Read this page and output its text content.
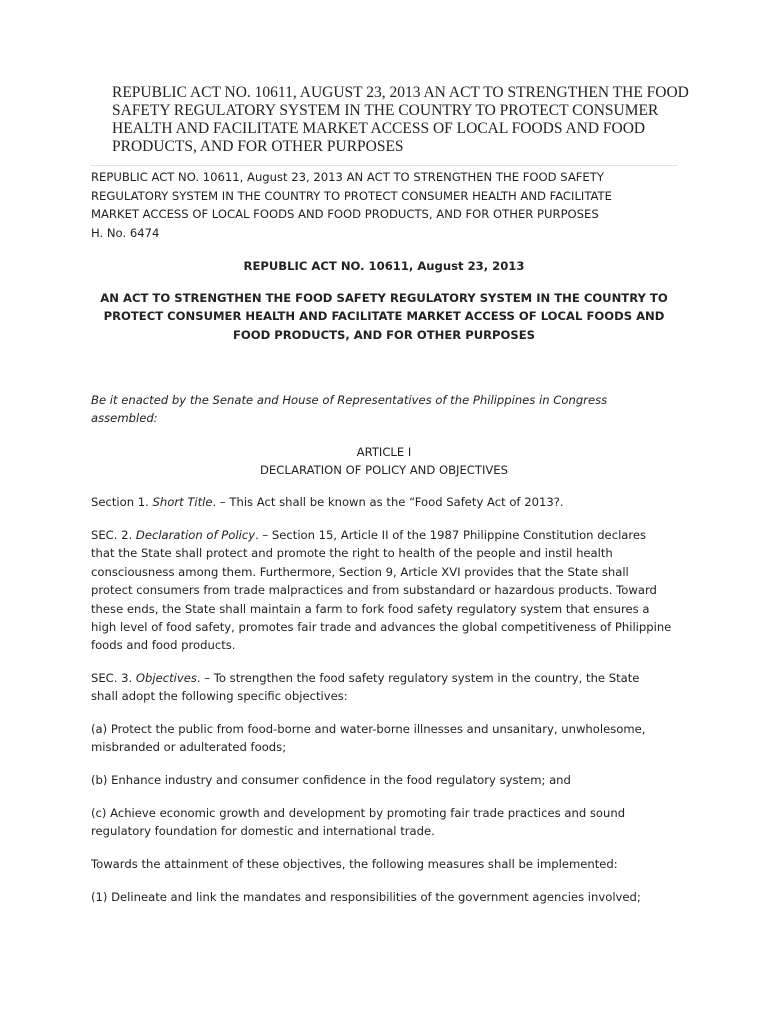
REPUBLIC ACT NO. 10611, AUGUST 23, 2013 AN ACT TO STRENGTHEN THE FOOD
SAFETY REGULATORY SYSTEM IN THE COUNTRY TO PROTECT CONSUMER
HEALTH AND FACILITATE MARKET ACCESS OF LOCAL FOODS AND FOOD
PRODUCTS, AND FOR OTHER PURPOSES
REPUBLIC ACT NO. 10611, August 23, 2013 AN ACT TO STRENGTHEN THE FOOD SAFETY
REGULATORY SYSTEM IN THE COUNTRY TO PROTECT CONSUMER HEALTH AND FACILITATE
MARKET ACCESS OF LOCAL FOODS AND FOOD PRODUCTS, AND FOR OTHER PURPOSES
H. No. 6474
REPUBLIC ACT NO. 10611, August 23, 2013
AN ACT TO STRENGTHEN THE FOOD SAFETY REGULATORY SYSTEM IN THE COUNTRY TO
PROTECT CONSUMER HEALTH AND FACILITATE MARKET ACCESS OF LOCAL FOODS AND
FOOD PRODUCTS, AND FOR OTHER PURPOSES
Be it enacted by the Senate and House of Representatives of the Philippines in Congress
assembled:
ARTICLE I
DECLARATION OF POLICY AND OBJECTIVES
Section 1. Short Title. – This Act shall be known as the “Food Safety Act of 2013?.
SEC. 2. Declaration of Policy. – Section 15, Article II of the 1987 Philippine Constitution declares
that the State shall protect and promote the right to health of the people and instil health
consciousness among them. Furthermore, Section 9, Article XVI provides that the State shall
protect consumers from trade malpractices and from substandard or hazardous products. Toward
these ends, the State shall maintain a farm to fork food safety regulatory system that ensures a
high level of food safety, promotes fair trade and advances the global competitiveness of Philippine
foods and food products.
SEC. 3. Objectives. – To strengthen the food safety regulatory system in the country, the State
shall adopt the following specific objectives:
(a) Protect the public from food-borne and water-borne illnesses and unsanitary, unwholesome,
misbranded or adulterated foods;
(b) Enhance industry and consumer confidence in the food regulatory system; and
(c) Achieve economic growth and development by promoting fair trade practices and sound
regulatory foundation for domestic and international trade.
Towards the attainment of these objectives, the following measures shall be implemented:
(1) Delineate and link the mandates and responsibilities of the government agencies involved;
